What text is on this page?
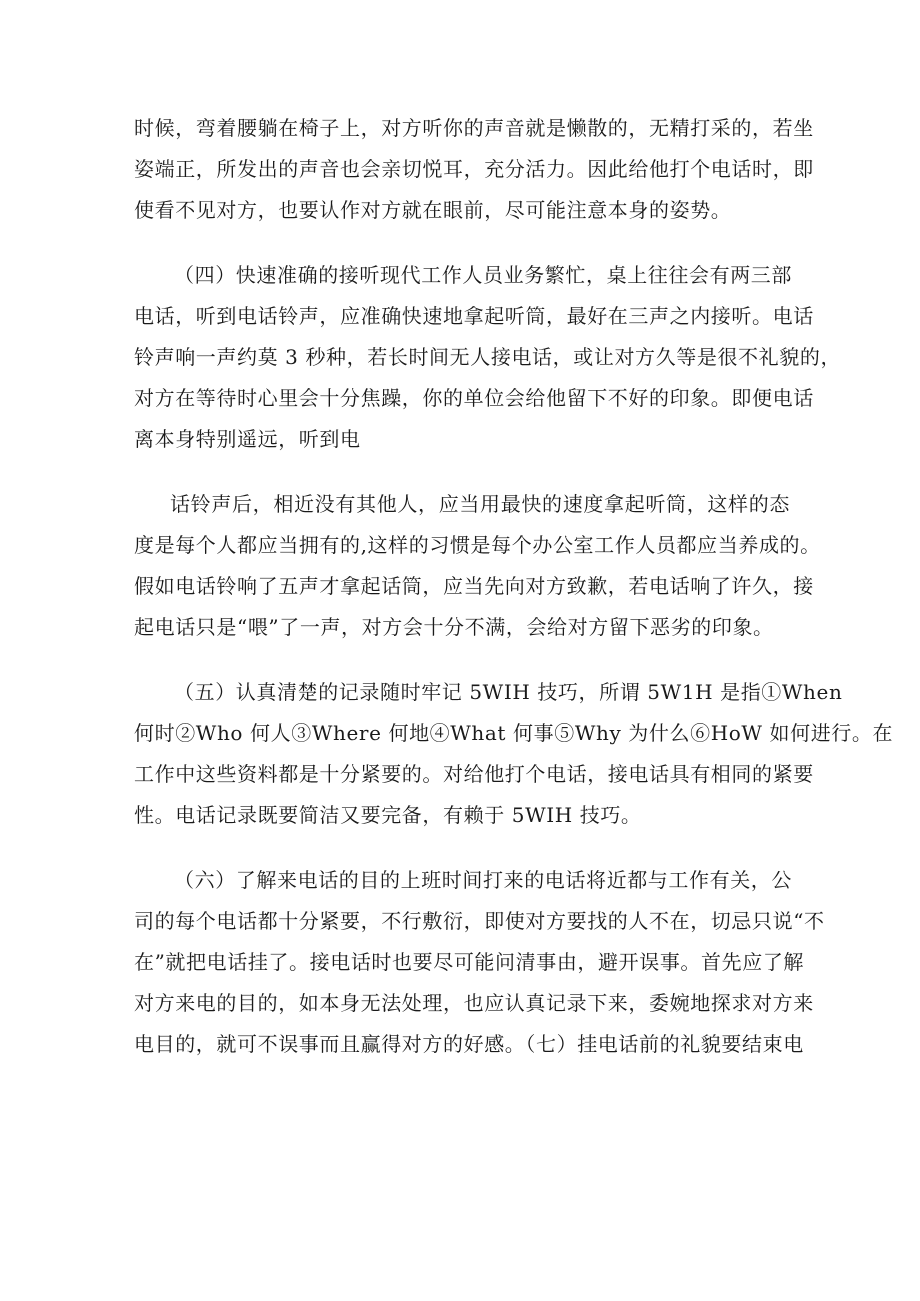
时候，弯着腰躺在椅子上，对方听你的声音就是懒散的，无精打采的，若坐
姿端正，所发出的声音也会亲切悦耳，充分活力。因此给他打个电话时，即
使看不见对方，也要认作对方就在眼前，尽可能注意本身的姿势。

（四）快速准确的接听现代工作人员业务繁忙，桌上往往会有两三部
电话，听到电话铃声，应准确快速地拿起听筒，最好在三声之内接听。电话
铃声响一声约莫 3 秒种，若长时间无人接电话，或让对方久等是很不礼貌的，
对方在等待时心里会十分焦躁，你的单位会给他留下不好的印象。即便电话
离本身特别遥远，听到电

话铃声后，相近没有其他人，应当用最快的速度拿起听筒，这样的态
度是每个人都应当拥有的,这样的习惯是每个办公室工作人员都应当养成的。
假如电话铃响了五声才拿起话筒，应当先向对方致歉，若电话响了许久，接
起电话只是“喂”了一声，对方会十分不满，会给对方留下恶劣的印象。

（五）认真清楚的记录随时牢记 5WIH 技巧，所谓 5W1H 是指①When
何时②Who 何人③Where 何地④What 何事⑤Why 为什么⑥HoW 如何进行。在
工作中这些资料都是十分紧要的。对给他打个电话，接电话具有相同的紧要
性。电话记录既要简洁又要完备，有赖于 5WIH 技巧。

（六）了解来电话的目的上班时间打来的电话将近都与工作有关，公
司的每个电话都十分紧要，不行敷衍，即使对方要找的人不在，切忌只说“不
在”就把电话挂了。接电话时也要尽可能问清事由，避开误事。首先应了解
对方来电的目的，如本身无法处理，也应认真记录下来，委婉地探求对方来
电目的，就可不误事而且赢得对方的好感。（七）挂电话前的礼貌要结束电
